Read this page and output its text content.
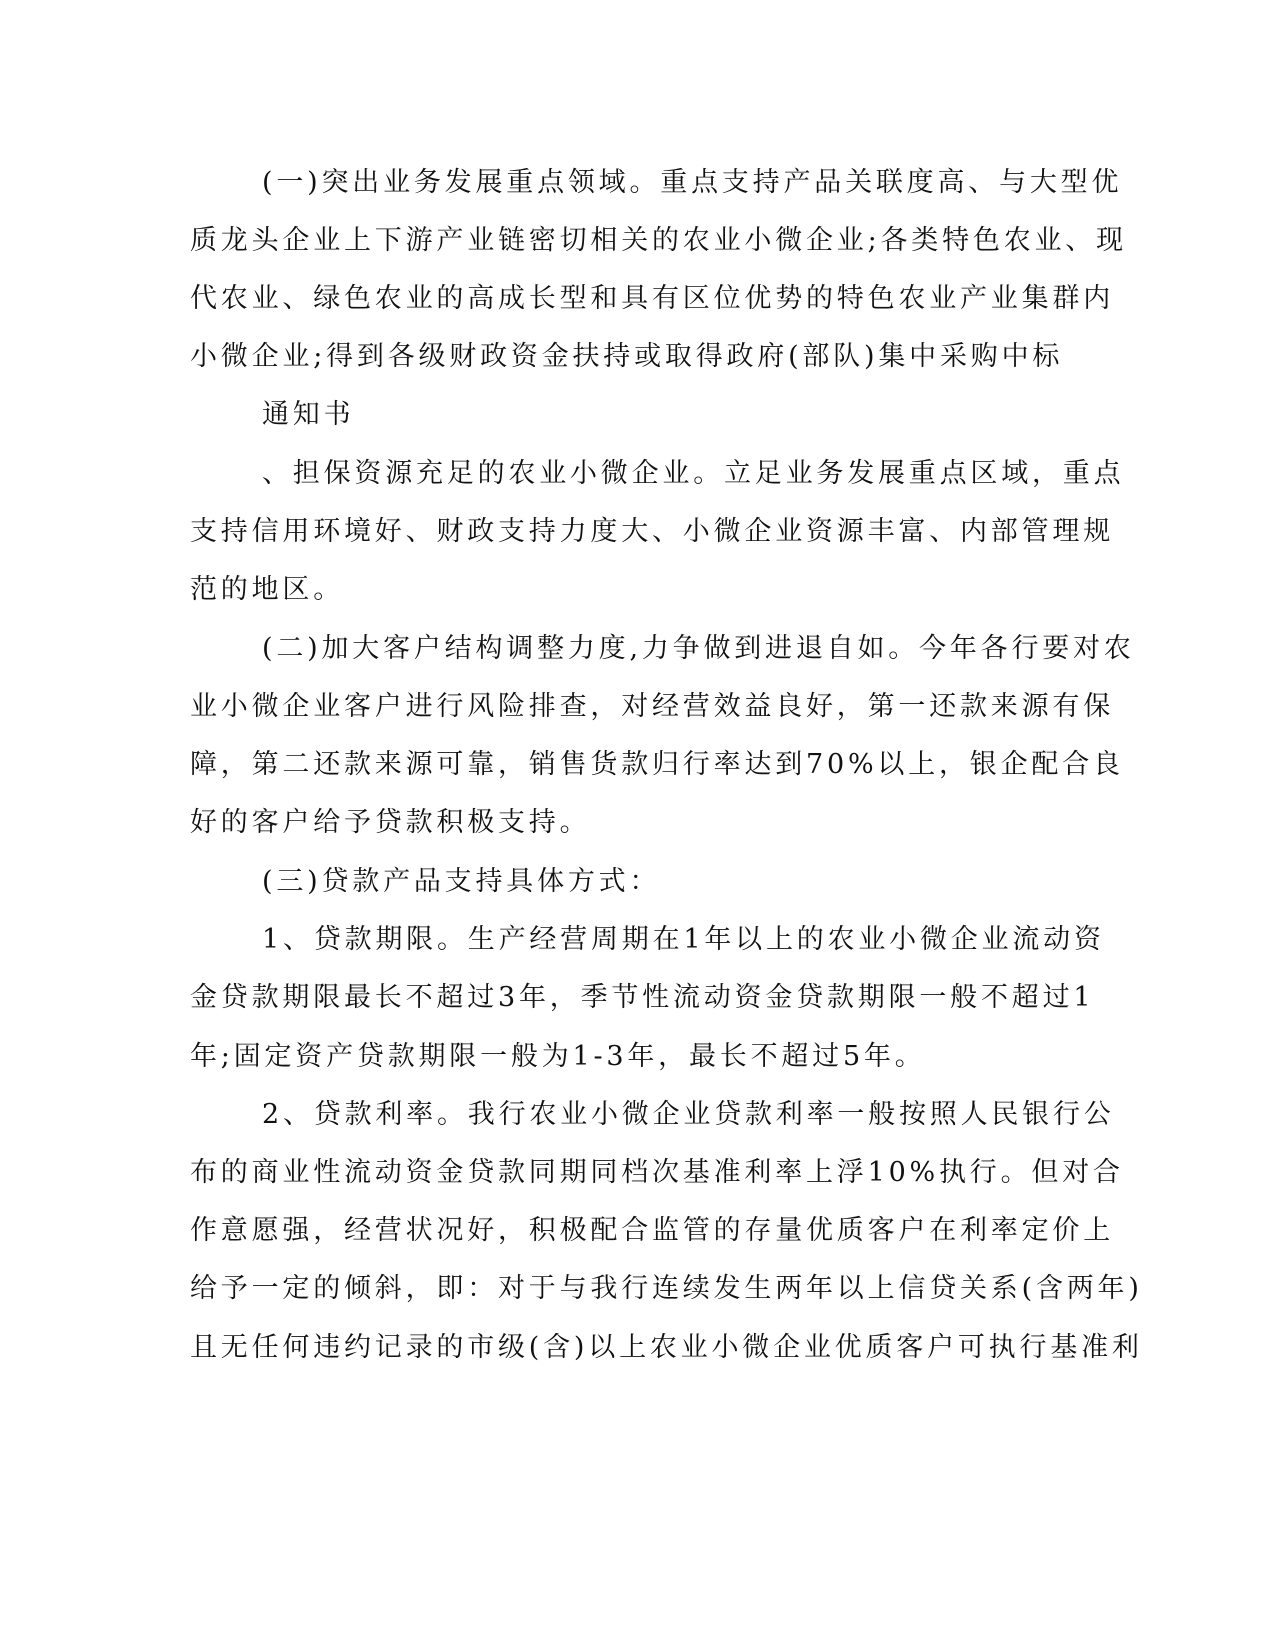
(一)突出业务发展重点领域。重点支持产品关联度高、与大型优
质龙头企业上下游产业链密切相关的农业小微企业;各类特色农业、现
代农业、绿色农业的高成长型和具有区位优势的特色农业产业集群内
小微企业;得到各级财政资金扶持或取得政府(部队)集中采购中标
通知书
、担保资源充足的农业小微企业。立足业务发展重点区域，重点
支持信用环境好、财政支持力度大、小微企业资源丰富、内部管理规
范的地区。
(二)加大客户结构调整力度,力争做到进退自如。今年各行要对农
业小微企业客户进行风险排查，对经营效益良好，第一还款来源有保
障，第二还款来源可靠，销售货款归行率达到70%以上，银企配合良
好的客户给予贷款积极支持。
(三)贷款产品支持具体方式：
1、贷款期限。生产经营周期在1年以上的农业小微企业流动资
金贷款期限最长不超过3年，季节性流动资金贷款期限一般不超过1
年;固定资产贷款期限一般为1-3年，最长不超过5年。
2、贷款利率。我行农业小微企业贷款利率一般按照人民银行公
布的商业性流动资金贷款同期同档次基准利率上浮10%执行。但对合
作意愿强，经营状况好，积极配合监管的存量优质客户在利率定价上
给予一定的倾斜，即：对于与我行连续发生两年以上信贷关系(含两年)
且无任何违约记录的市级(含)以上农业小微企业优质客户可执行基准利
